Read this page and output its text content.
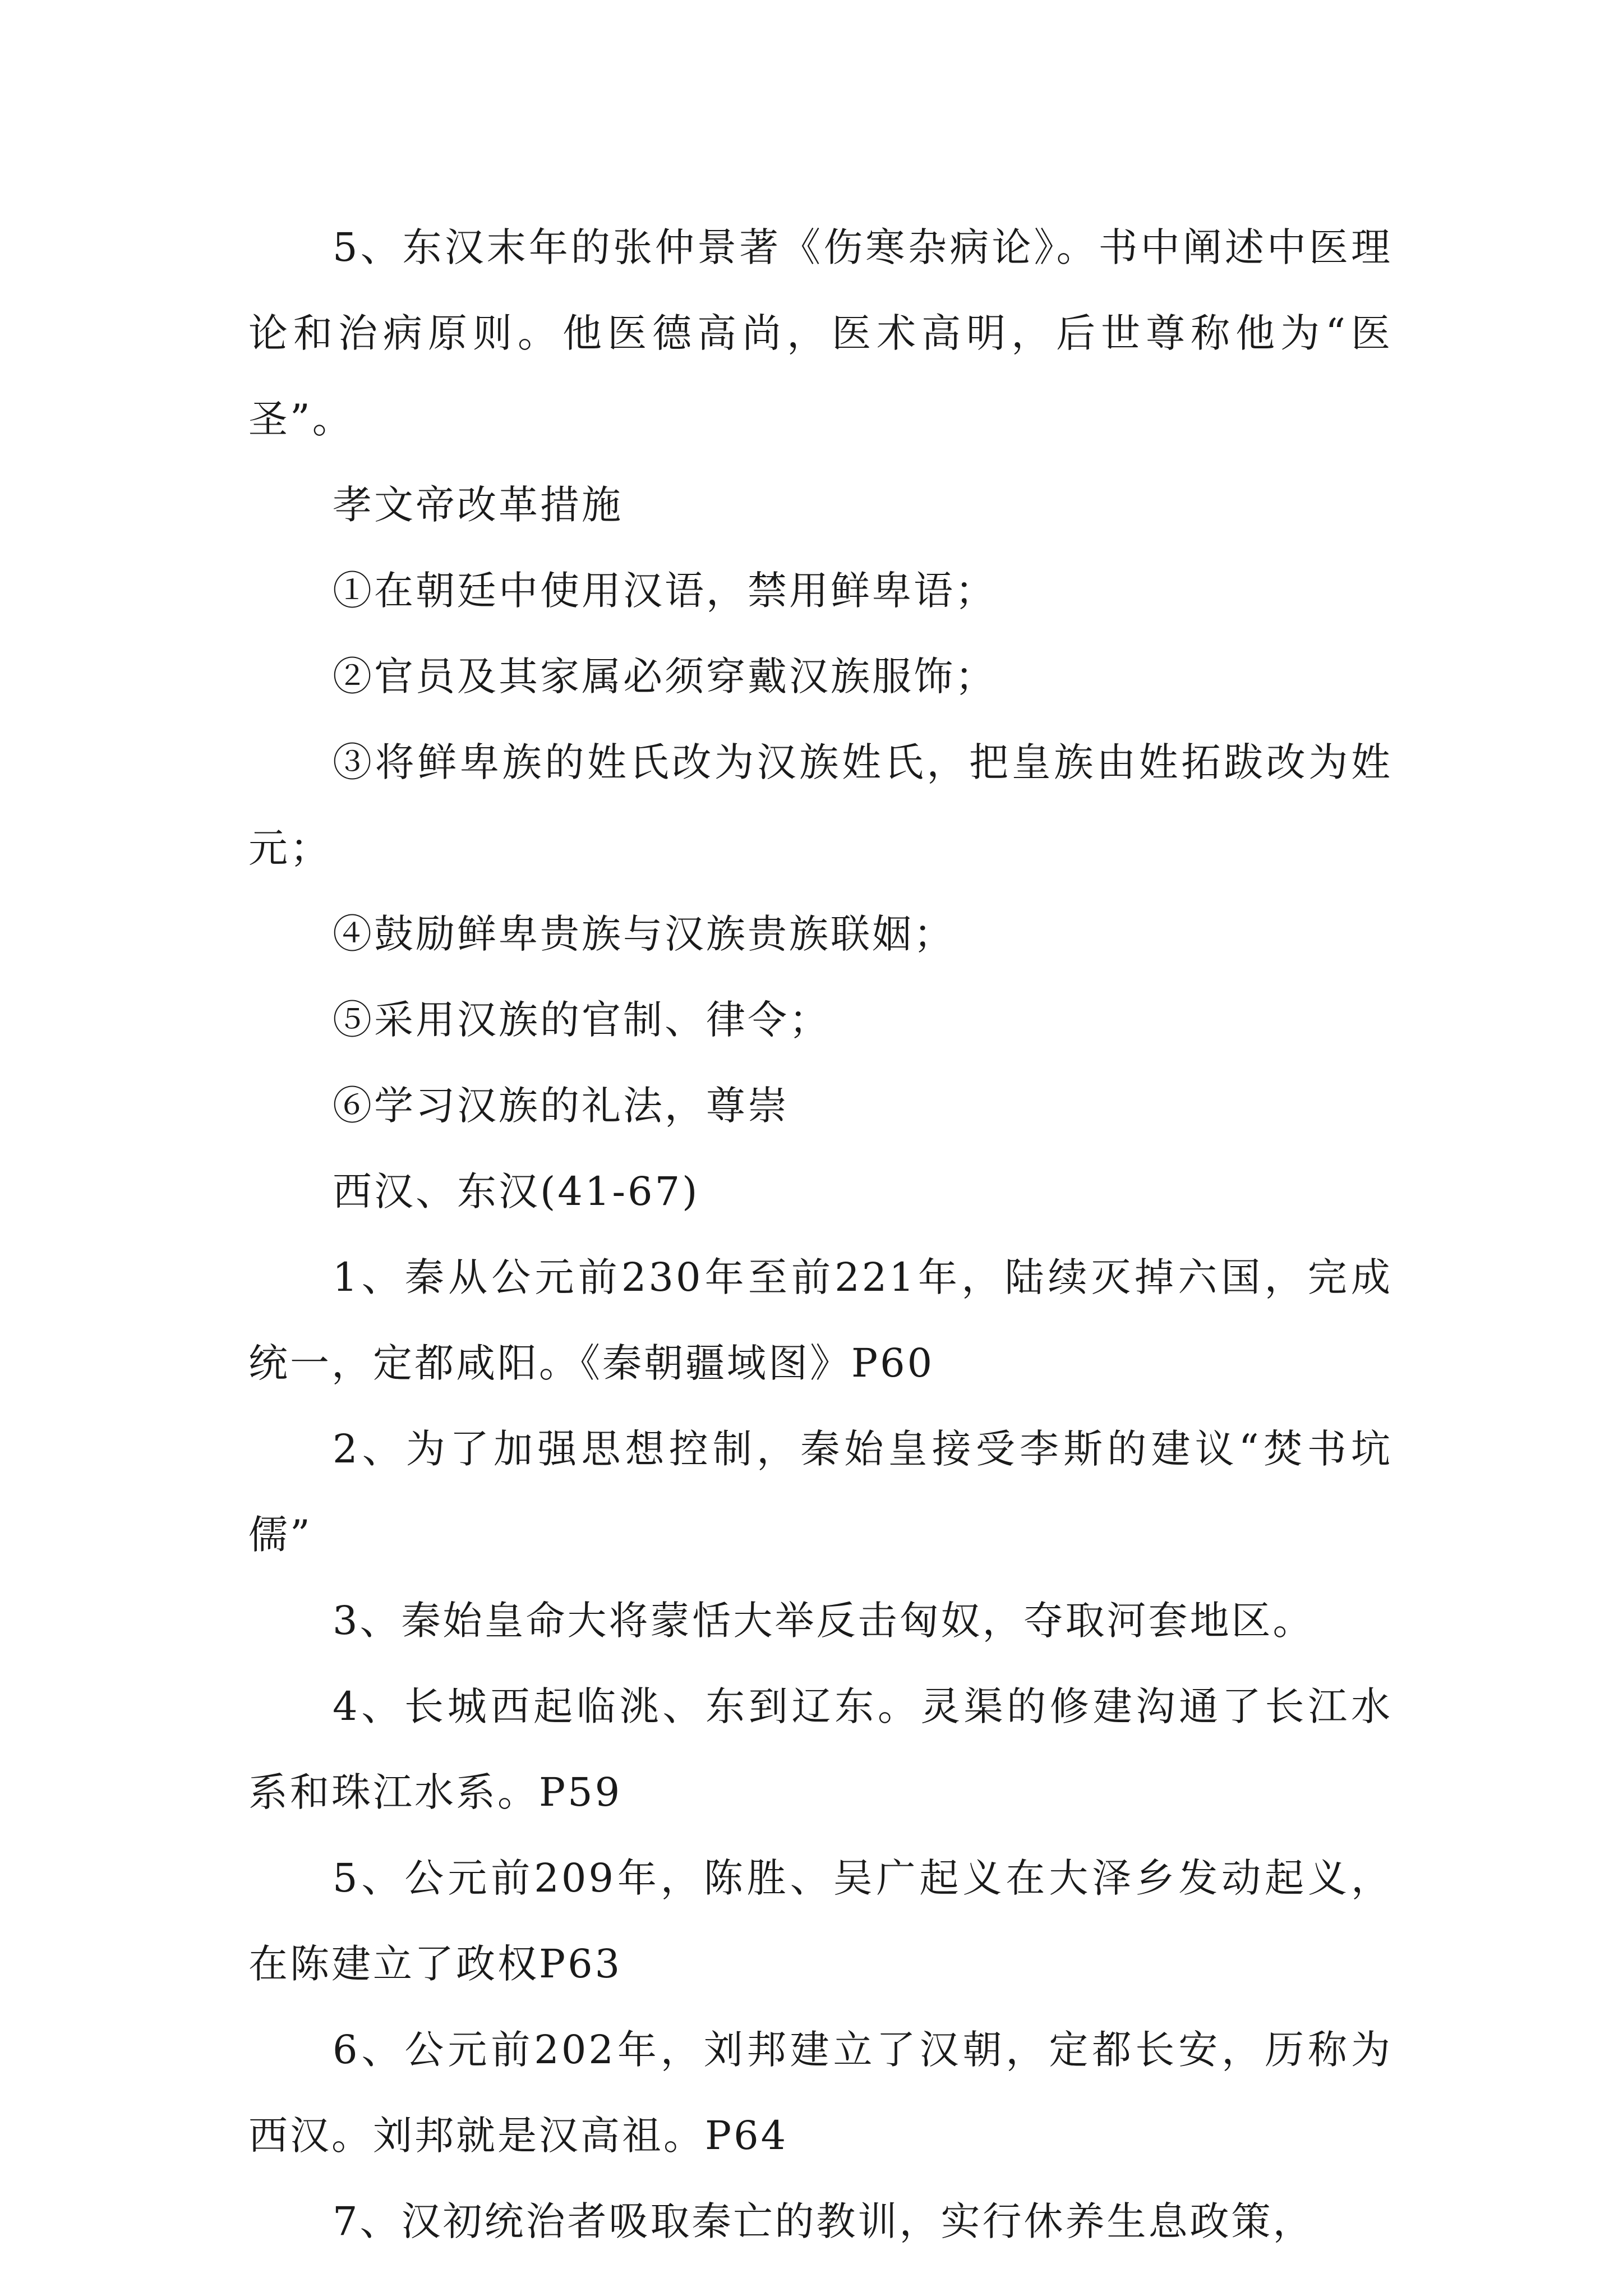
5、东汉末年的张仲景著《伤寒杂病论》。书中阐述中医理论和治病原则。他医德高尚，医术高明，后世尊称他为“医圣”。

孝文帝改革措施

①在朝廷中使用汉语，禁用鲜卑语；

②官员及其家属必须穿戴汉族服饰；

③将鲜卑族的姓氏改为汉族姓氏，把皇族由姓拓跋改为姓元；

④鼓励鲜卑贵族与汉族贵族联姻；

⑤采用汉族的官制、律令；

⑥学习汉族的礼法，尊崇

西汉、东汉(41-67)

1、秦从公元前230年至前221年，陆续灭掉六国，完成统一，定都咸阳。《秦朝疆域图》P60

2、为了加强思想控制，秦始皇接受李斯的建议“焚书坑儒”

3、秦始皇命大将蒙恬大举反击匈奴，夺取河套地区。

4、长城西起临洮、东到辽东。灵渠的修建沟通了长江水系和珠江水系。P59

5、公元前209年，陈胜、吴广起义在大泽乡发动起义，在陈建立了政权P63

6、公元前202年，刘邦建立了汉朝，定都长安，历称为西汉。刘邦就是汉高祖。P64

7、汉初统治者吸取秦亡的教训，实行休养生息政策，
